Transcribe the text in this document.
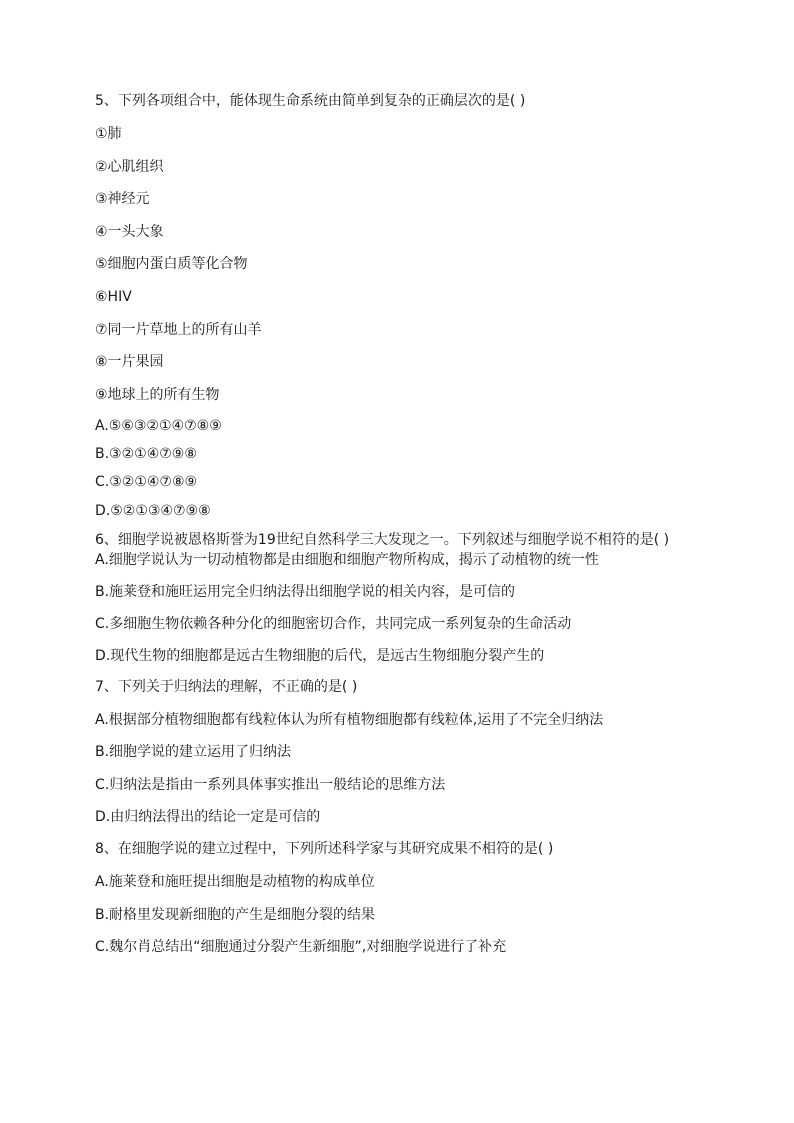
5、下列各项组合中，能体现生命系统由简单到复杂的正确层次的是( )

①肺

②心肌组织

③神经元

④一头大象

⑤细胞内蛋白质等化合物

⑥HIV

⑦同一片草地上的所有山羊

⑧一片果园

⑨地球上的所有生物

A.⑤⑥③②①④⑦⑧⑨

B.③②①④⑦⑨⑧

C.③②①④⑦⑧⑨

D.⑤②①③④⑦⑨⑧

6、细胞学说被恩格斯誉为19世纪自然科学三大发现之一。下列叙述与细胞学说不相符的是( )

A.细胞学说认为一切动植物都是由细胞和细胞产物所构成，揭示了动植物的统一性

B.施莱登和施旺运用完全归纳法得出细胞学说的相关内容，是可信的

C.多细胞生物依赖各种分化的细胞密切合作，共同完成一系列复杂的生命活动

D.现代生物的细胞都是远古生物细胞的后代，是远古生物细胞分裂产生的

7、下列关于归纳法的理解，不正确的是( )

A.根据部分植物细胞都有线粒体认为所有植物细胞都有线粒体,运用了不完全归纳法

B.细胞学说的建立运用了归纳法

C.归纳法是指由一系列具体事实推出一般结论的思维方法

D.由归纳法得出的结论一定是可信的

8、在细胞学说的建立过程中，下列所述科学家与其研究成果不相符的是( )

A.施莱登和施旺提出细胞是动植物的构成单位

B.耐格里发现新细胞的产生是细胞分裂的结果

C.魏尔肖总结出“细胞通过分裂产生新细胞”,对细胞学说进行了补充
